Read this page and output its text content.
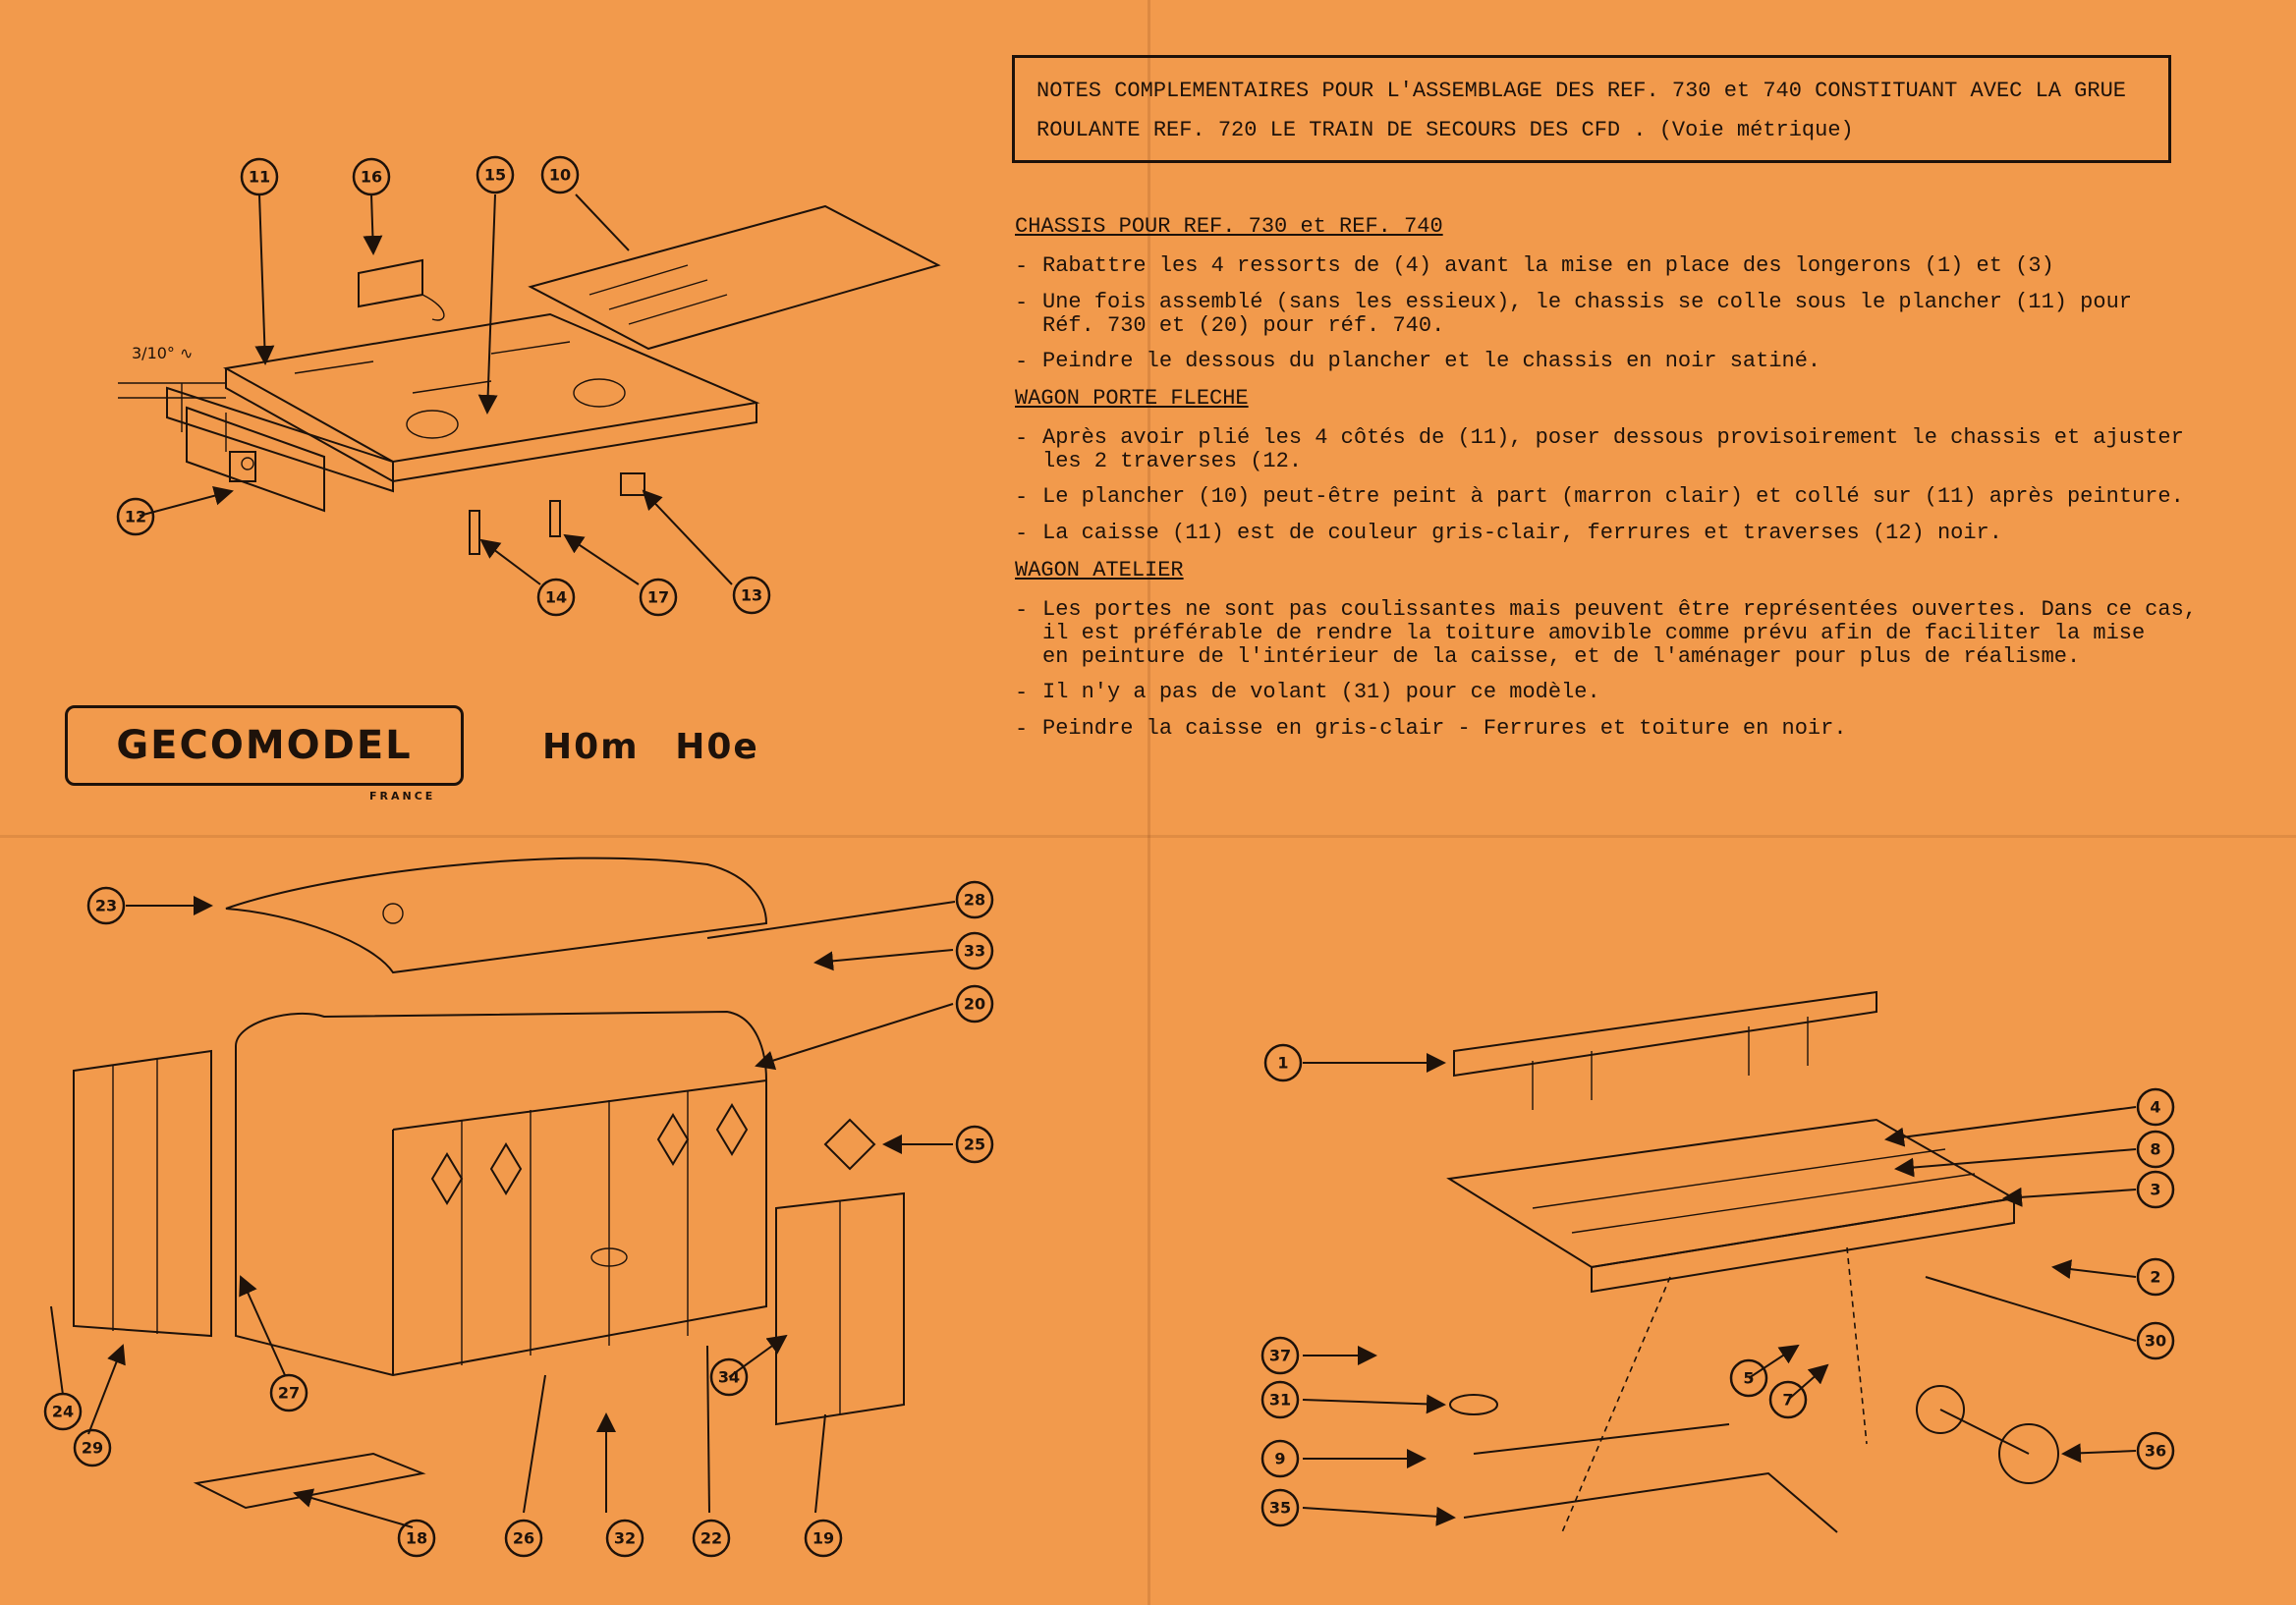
NOTES COMPLEMENTAIRES POUR L'ASSEMBLAGE DES REF. 730 et 740 CONSTITUANT AVEC LA GRUE
ROULANTE REF. 720 LE TRAIN DE SECOURS DES CFD . (Voie métrique)
CHASSIS POUR REF. 730 et REF. 740
- Rabattre les 4 ressorts de (4) avant la mise en place des longerons (1) et (3)
- Une fois assemblé (sans les essieux), le chassis se colle sous le plancher (11) pour
Réf. 730 et (20) pour réf. 740.
- Peindre le dessous du plancher et le chassis en noir satiné.
WAGON PORTE FLECHE
- Après avoir plié les 4 côtés de (11), poser dessous provisoirement le chassis et ajuster
les 2 traverses (12.
- Le plancher (10) peut-être peint à part (marron clair) et collé sur (11) après peinture.
- La caisse (11) est de couleur gris-clair, ferrures et traverses (12) noir.
WAGON ATELIER
- Les portes ne sont pas coulissantes mais peuvent être représentées ouvertes. Dans ce cas,
il est préférable de rendre la toiture amovible comme prévu afin de faciliter la mise
en peinture de l'intérieur de la caisse, et de l'aménager pour plus de réalisme.
- Il n'y a pas de volant (31) pour ce modèle.
- Peindre la caisse en gris-clair - Ferrures et toiture en noir.
GECOMODEL
FRANCE
H0m H0e
3/10° ∿
11	16	15	10
12
14	17	13
23	28
33
20
25
27
24
29
34
18	26	32	22	19
1
4
8
3
2
30
37
31
9
35
5
7
36
